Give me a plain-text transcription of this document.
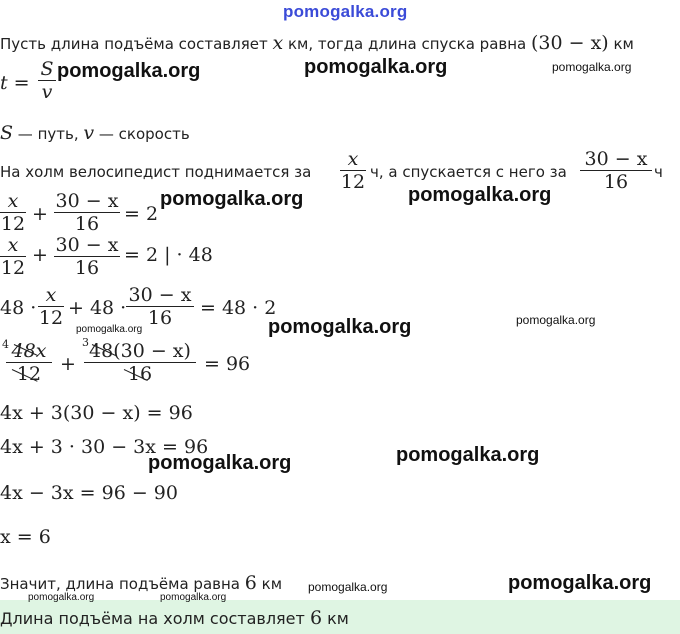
pomogalka.org
Пусть длина подъёма составляет x км, тогда длина спуска равна (30 − x) км
t =
S
v
S — путь, v — скорость
На холм велосипедист поднимается за
x
12 ч, а спускается с него за
30 − x
16	ч
x
12 +
30 − x
16	= 2
x
12
+ 30 − x
16
= 2 | · 48
48 ·
x
12 + 48 ·
30 − x
16	= 48 · 2
4 48x
12 +
3 48(30 − x)
16	= 96
4x + 3(30 − x) = 96
4x + 3 · 30 − 3x = 96
4x − 3x = 96 − 90
x = 6
Значит, длина подъёма равна 6 км
Длина подъёма на холм составляет 6 км
pomogalka.org	pomogalka.org	pomogalka.org
pomogalka.org	pomogalka.org
pomogalka.org	pomogalka.org
pomogalka.org
pomogalka.org	pomogalka.org
pomogalka.org	pomogalka.org
pomogalka.org	pomogalka.org
